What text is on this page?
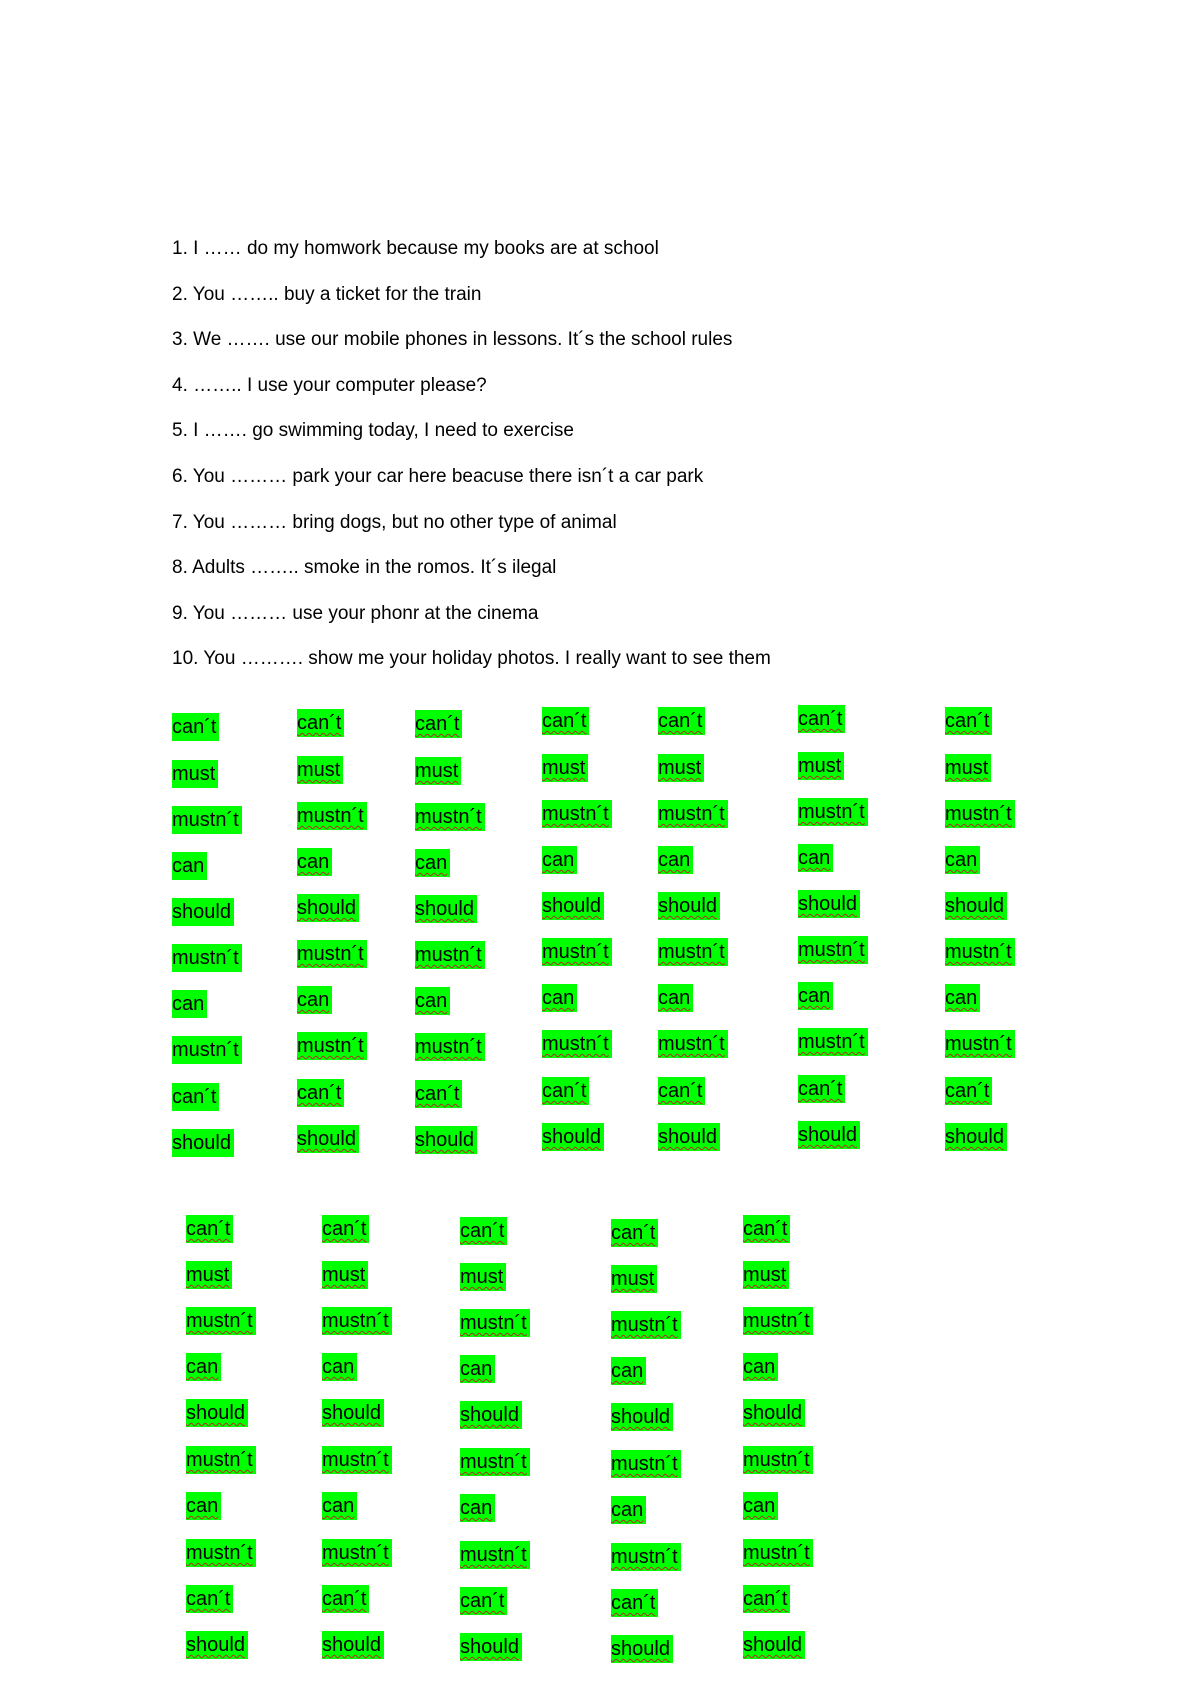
1. I …… do my homwork because my books are at school
2. You …….. buy a ticket for the train
3. We ……. use our mobile phones in lessons. It´s the school rules
4. …….. I use your computer please?
5. I ……. go swimming today, I need to exercise
6. You ……… park your car here beacuse there isn´t a car park
7. You ……… bring dogs, but no other type of animal
8. Adults …….. smoke in the romos. It´s ilegal
9. You ……… use your phonr at the cinema
10. You ………. show me your holiday photos. I really want to see them
can´t
must
mustn´t
can
should
mustn´t
can
mustn´t
can´t
should
can´t
must
mustn´t
can
should
mustn´t
can
mustn´t
can´t
should
can´t
must
mustn´t
can
should
mustn´t
can
mustn´t
can´t
should
can´t
must
mustn´t
can
should
mustn´t
can
mustn´t
can´t
should
can´t
must
mustn´t
can
should
mustn´t
can
mustn´t
can´t
should
can´t
must
mustn´t
can
should
mustn´t
can
mustn´t
can´t
should
can´t
must
mustn´t
can
should
mustn´t
can
mustn´t
can´t
should
can´t
must
mustn´t
can
should
mustn´t
can
mustn´t
can´t
should
can´t
must
mustn´t
can
should
mustn´t
can
mustn´t
can´t
should
can´t
must
mustn´t
can
should
mustn´t
can
mustn´t
can´t
should
can´t
must
mustn´t
can
should
mustn´t
can
mustn´t
can´t
should
can´t
must
mustn´t
can
should
mustn´t
can
mustn´t
can´t
should
